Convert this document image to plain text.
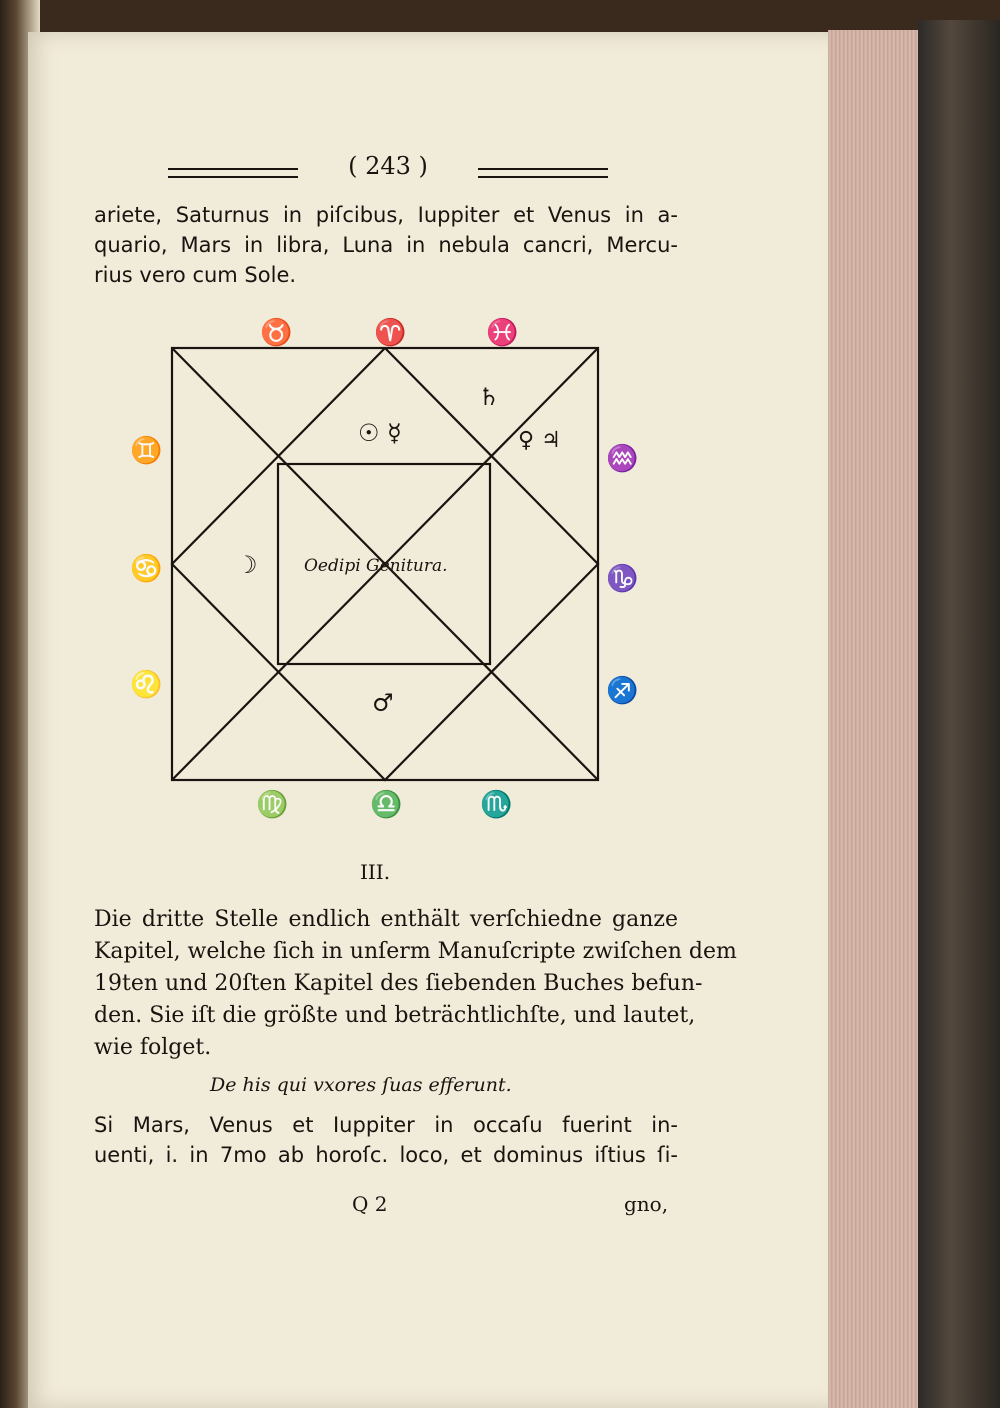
( 243 )
ariete, Saturnus in piſcibus, Iuppiter et Venus in a-
quario, Mars in libra, Luna in nebula cancri, Mercu-
rius vero cum Sole.
♉	♈	♓
♊
♋
♌
♒
♑
♐
♍	♎	♏
☉ ☿
♄
♀ ♃
☽
♂
Oedipi Genitura.
III.
Die dritte Stelle endlich enthält verſchiedne ganze
Kapitel, welche ſich in unſerm Manuſcripte zwiſchen dem
19ten und 20ſten Kapitel des ſiebenden Buches befun-
den. Sie iſt die größte und beträchtlichſte, und lautet,
wie folget.
De his qui vxores ſuas efferunt.
Si Mars, Venus et Iuppiter in occaſu fuerint in-
uenti, i. in 7mo ab horoſc. loco, et dominus iſtius ſi-
Q 2	gno,
